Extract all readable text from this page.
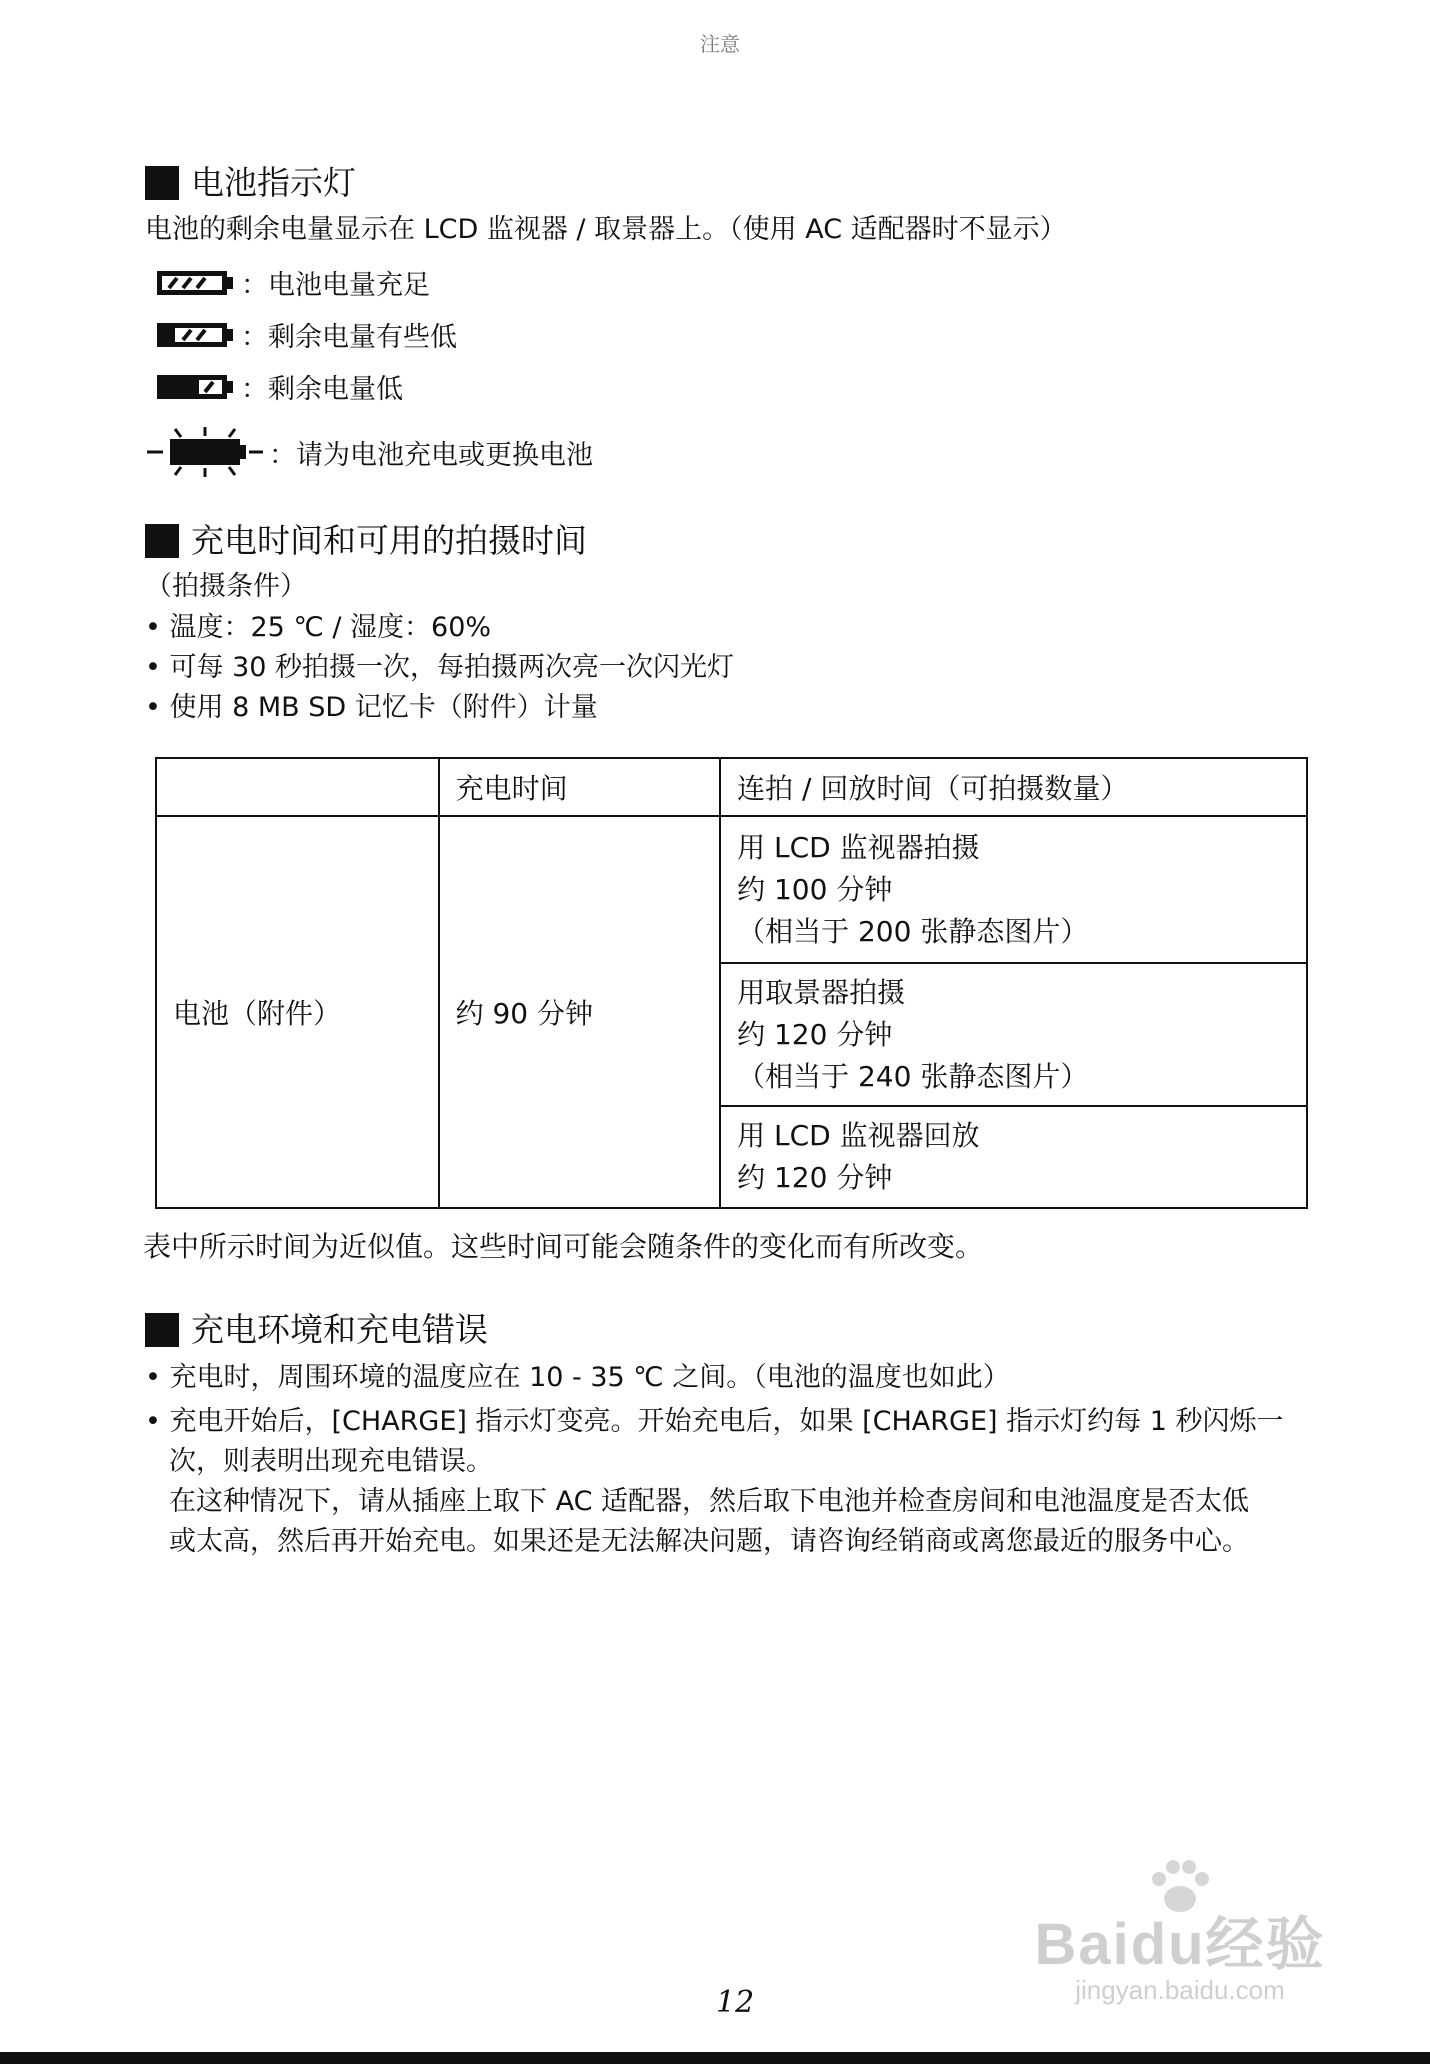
注意
电池指示灯
电池的剩余电量显示在 LCD 监视器 / 取景器上。（使用 AC 适配器时不显示）
：电池电量充足
：剩余电量有些低
：剩余电量低
：请为电池充电或更换电池
充电时间和可用的拍摄时间
（拍摄条件）
• 温度：25 ℃ / 湿度：60%
• 可每 30 秒拍摄一次，每拍摄两次亮一次闪光灯
• 使用 8 MB SD 记忆卡（附件）计量
	充电时间	连拍 / 回放时间（可拍摄数量）
电池（附件）	约 90 分钟	用 LCD 监视器拍摄
约 100 分钟
（相当于 200 张静态图片）

		用取景器拍摄
约 120 分钟
（相当于 240 张静态图片）

		用 LCD 监视器回放
约 120 分钟
表中所示时间为近似值。这些时间可能会随条件的变化而有所改变。
充电环境和充电错误
• 充电时，周围环境的温度应在 10 - 35 ℃ 之间。（电池的温度也如此）
• 充电开始后，[CHARGE] 指示灯变亮。开始充电后，如果 [CHARGE] 指示灯约每 1 秒闪烁一
次，则表明出现充电错误。
在这种情况下，请从插座上取下 AC 适配器，然后取下电池并检查房间和电池温度是否太低
或太高，然后再开始充电。如果还是无法解决问题，请咨询经销商或离您最近的服务中心。
12
Baidu经验
jingyan.baidu.com
